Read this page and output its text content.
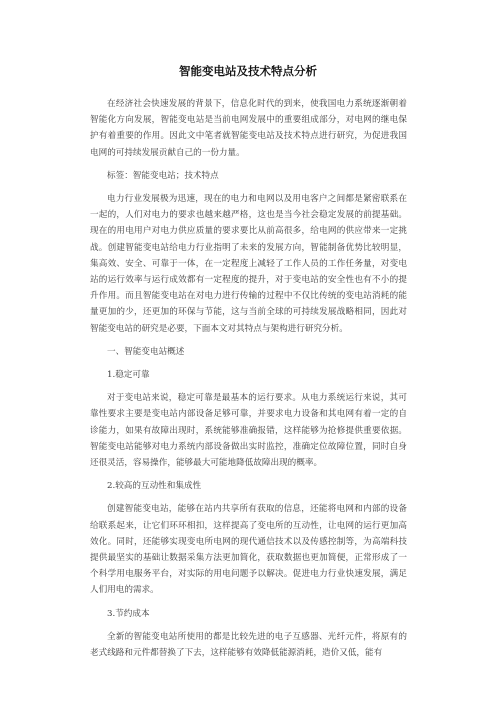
智能变电站及技术特点分析

在经济社会快速发展的背景下，信息化时代的到来，使我国电力系统逐渐朝着智能化方向发展，智能变电站是当前电网发展中的重要组成部分，对电网的继电保护有着重要的作用。因此文中笔者就智能变电站及技术特点进行研究，为促进我国电网的可持续发展贡献自己的一份力量。

标签：智能变电站；技术特点

电力行业发展极为迅速，现在的电力和电网以及用电客户之间都是紧密联系在一起的，人们对电力的要求也越来越严格，这也是当今社会稳定发展的前提基础。现在的用电用户对电力供应质量的要求要比从前高很多，给电网的供应带来一定挑战。创建智能变电站给电力行业指明了未来的发展方向，智能制备优势比较明显，集高效、安全、可靠于一体，在一定程度上减轻了工作人员的工作任务量，对变电站的运行效率与运行成效都有一定程度的提升，对于变电站的安全性也有不小的提升作用。而且智能变电站在对电力进行传输的过程中不仅比传统的变电站消耗的能量更加的少，还更加的环保与节能，这与当前全球的可持续发展战略相同，因此对智能变电站的研究是必要，下面本文对其特点与架构进行研究分析。

一、智能变电站概述

1.稳定可靠

对于变电站来说，稳定可靠是最基本的运行要求。从电力系统运行来说，其可靠性要求主要是变电站内部设备足够可靠，并要求电力设备和其电网有着一定的自诊能力，如果有故障出现时，系统能够准确报错，这样能够为抢修提供重要依据。智能变电站能够对电力系统内部设备做出实时监控，准确定位故障位置，同时自身还很灵活，容易操作，能够最大可能地降低故障出现的概率。

2.较高的互动性和集成性

创建智能变电站，能够在站内共享所有获取的信息，还能将电网和内部的设备给联系起来，让它们环环相扣，这样提高了变电所的互动性，让电网的运行更加高效化。同时，还能够实现变电所电网的现代通信技术以及传感控制等，为高端科技提供最坚实的基础让数据采集方法更加简化，获取数据也更加简便，正常形成了一个科学用电服务平台，对实际的用电问题予以解决。促进电力行业快速发展，满足人们用电的需求。

3.节约成本

全新的智能变电站所使用的都是比较先进的电子互感器、光纤元件，将原有的老式线路和元件都替换了下去，这样能够有效降低能源消耗，造价又低，能有
